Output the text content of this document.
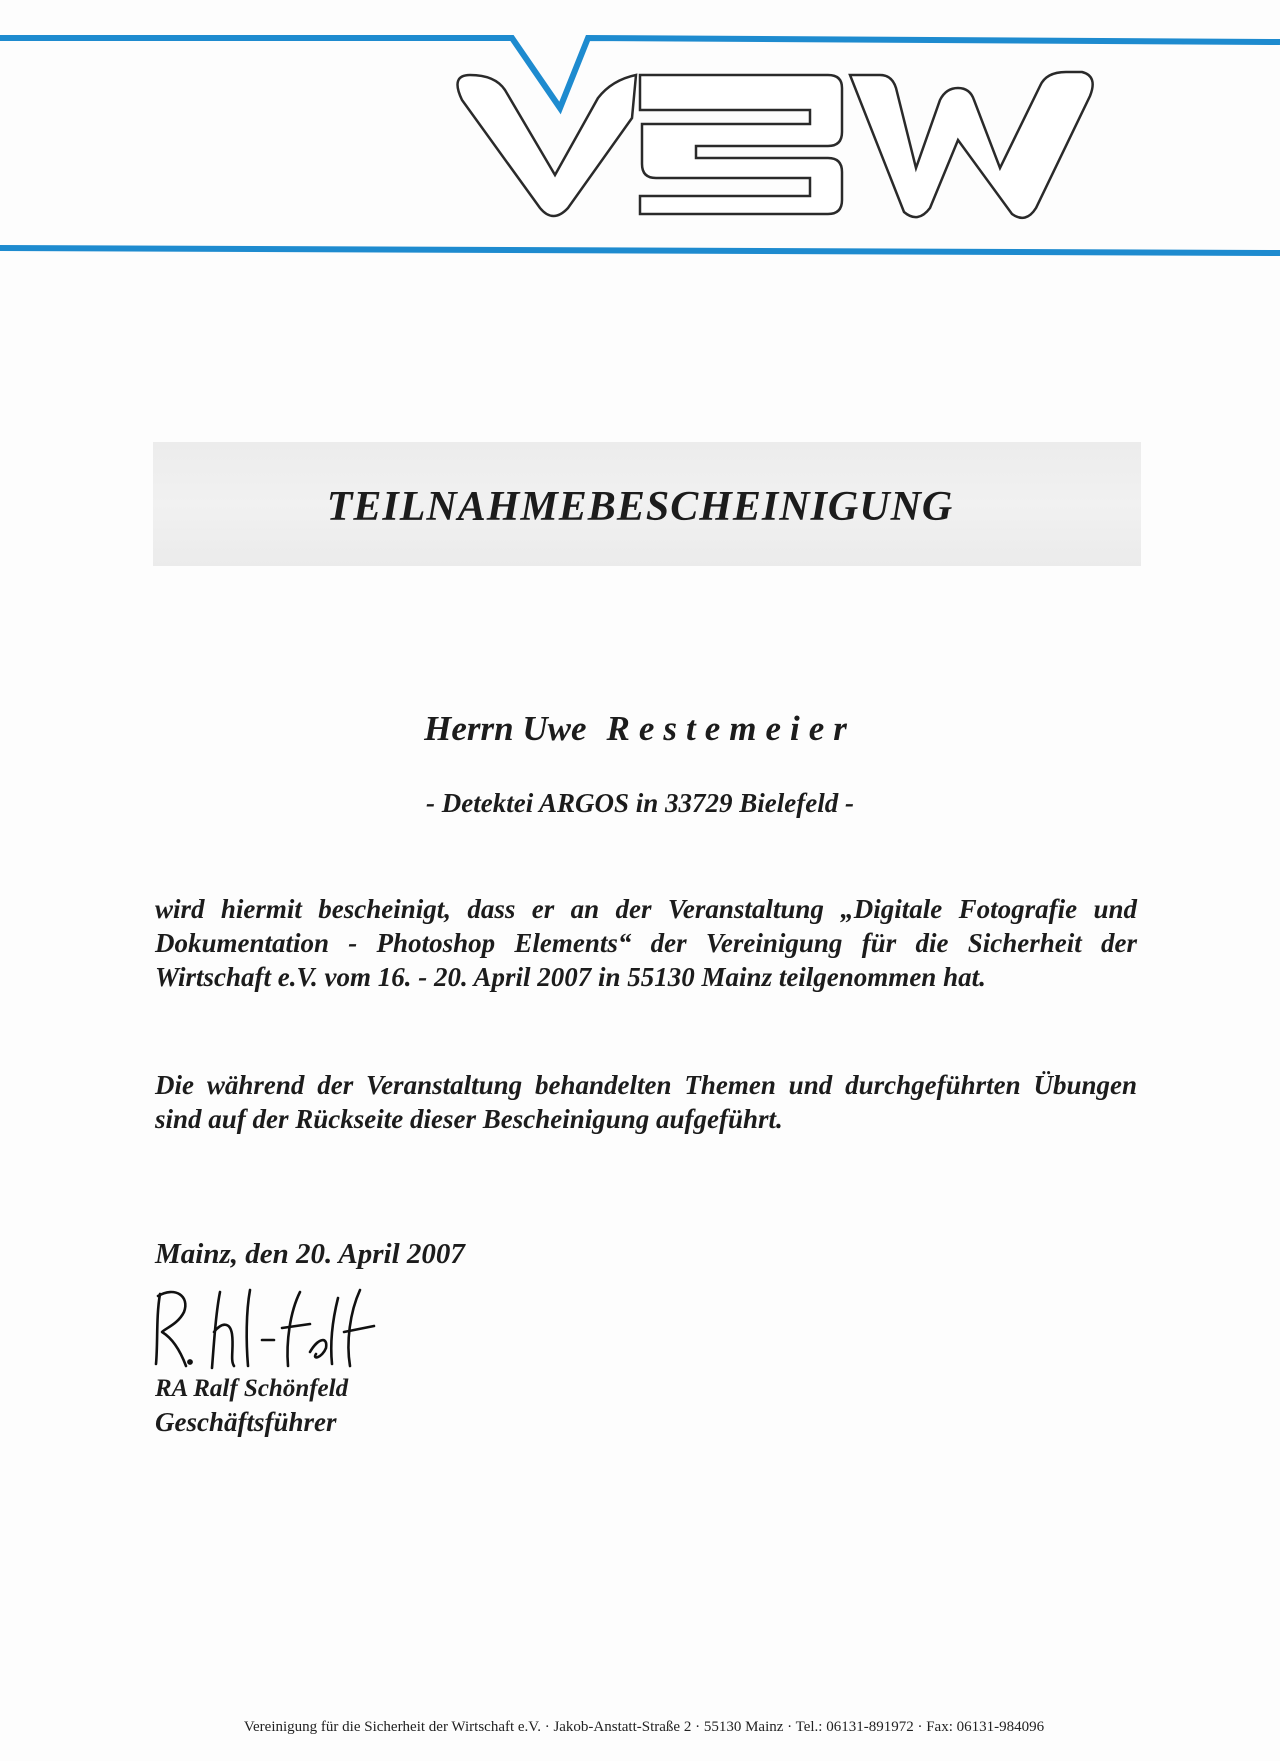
TEILNAHMEBESCHEINIGUNG
Herrn Uwe Restemeier
- Detektei ARGOS in 33729 Bielefeld -
wird hiermit bescheinigt, dass er an der Veranstaltung „Digitale Fotografie und Dokumentation - Photoshop Elements“ der Vereinigung für die Sicherheit der Wirtschaft e.V. vom 16. - 20. April 2007 in 55130 Mainz teilgenommen hat.
Die während der Veranstaltung behandelten Themen und durchgeführten Übungen sind auf der Rückseite dieser Bescheinigung aufgeführt.
Mainz, den 20. April 2007
RA Ralf Schönfeld
Geschäftsführer
Vereinigung für die Sicherheit der Wirtschaft e.V. · Jakob-Anstatt-Straße 2 · 55130 Mainz · Tel.: 06131-891972 · Fax: 06131-984096
